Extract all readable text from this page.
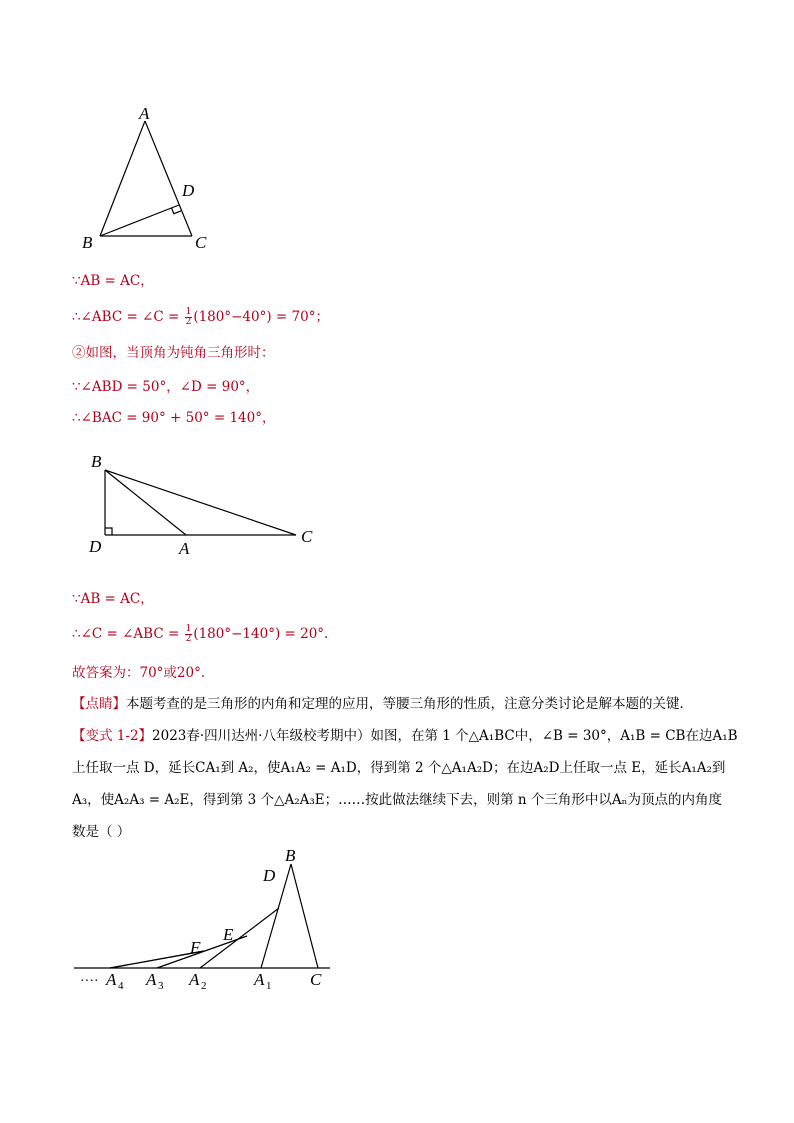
A
D
B	C
∵AB = AC，
∴∠ABC = ∠C = $\frac{1}{2} (180^\circ-40^\circ) = 70^\circ$；
②如图，当顶角为钝角三角形时：
∵∠ABD = 50°，∠D = 90°，
∴∠BAC = 90° + 50° = 140°，
B
D	A
C
∵AB = AC，
∴∠C = ∠ABC = $\frac{1}{2} (180^\circ-140^\circ) = 20^\circ$.
故答案为：70°或20°.
【点睛】本题考查的是三角形的内角和定理的应用，等腰三角形的性质，注意分类讨论是解本题的关键．
【变式 1-2】2023春·四川达州·八年级校考期中）如图，在第 1 个△A₁BC中，∠B = 30°，A₁B = CB在边A₁B
上任取一点 D，延长CA₁到 A₂，使A₁A₂ = A₁D，得到第 2 个△A₁A₂D；在边A₂D上任取一点 E，延长A₁A₂到
A₃，使A₂A₃ = A₂E，得到第 3 个△A₂A₃E；……按此做法继续下去，则第 n 个三角形中以Aₙ为顶点的内角度
数是（ ）
B
D
E
F
···· A 4 A 3 A 2	A 1 C
